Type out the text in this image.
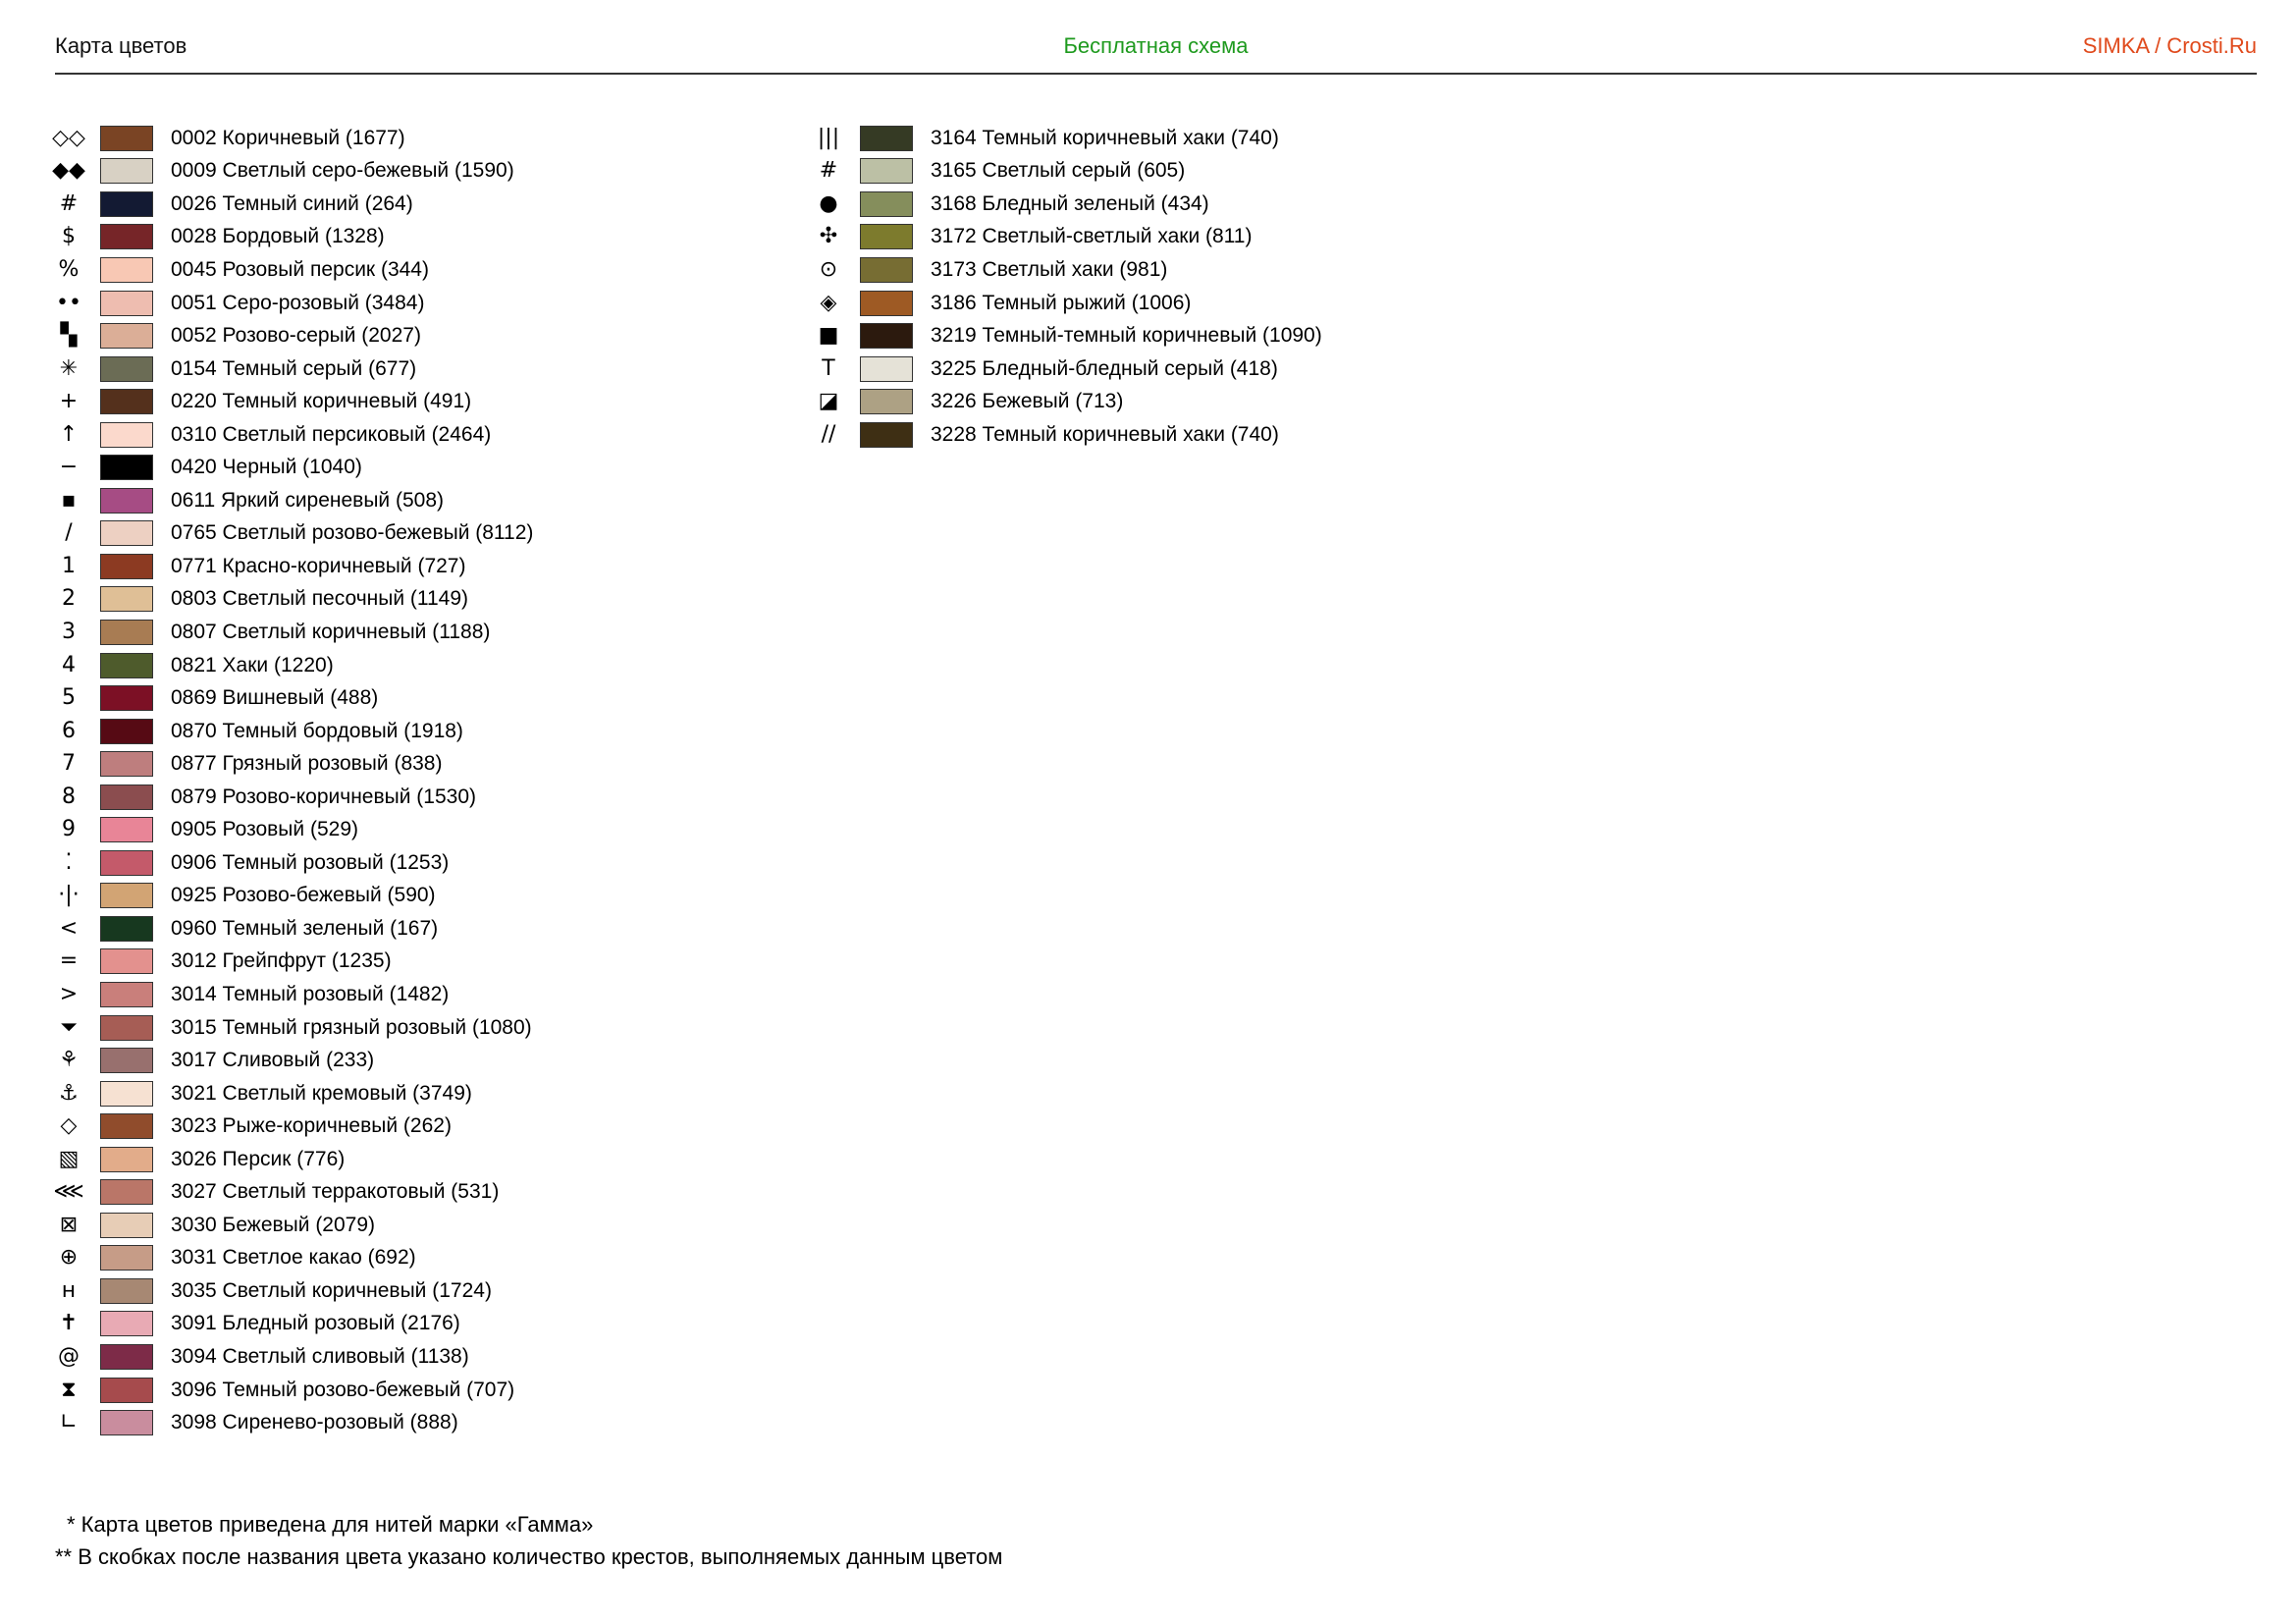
Карта цветов	Бесплатная схема	SIMKA / Crosti.Ru
◇◇	0002 Коричневый (1677)
◆◆	0009 Светлый серо-бежевый (1590)
#	0026 Темный синий (264)
$	0028 Бордовый (1328)
%	0045 Розовый персик (344)
••	0051 Серо-розовый (3484)
▚	0052 Розово-серый (2027)
✳	0154 Темный серый (677)
+	0220 Темный коричневый (491)
↑	0310 Светлый персиковый (2464)
−	0420 Черный (1040)
▪	0611 Яркий сиреневый (508)
/	0765 Светлый розово-бежевый (8112)
1	0771 Красно-коричневый (727)
2	0803 Светлый песочный (1149)
3	0807 Светлый коричневый (1188)
4	0821 Хаки (1220)
5	0869 Вишневый (488)
6	0870 Темный бордовый (1918)
7	0877 Грязный розовый (838)
8	0879 Розово-коричневый (1530)
9	0905 Розовый (529)
⁚	0906 Темный розовый (1253)
·|·	0925 Розово-бежевый (590)
<	0960 Темный зеленый (167)
=	3012 Грейпфрут (1235)
>	3014 Темный розовый (1482)
⏷	3015 Темный грязный розовый (1080)
⚘	3017 Сливовый (233)
⚓	3021 Светлый кремовый (3749)
◇	3023 Рыже-коричневый (262)
▧	3026 Персик (776)
⋘	3027 Светлый терракотовый (531)
⊠	3030 Бежевый (2079)
⊕	3031 Светлое какао (692)
ʜ	3035 Светлый коричневый (1724)
✝	3091 Бледный розовый (2176)
@	3094 Светлый сливовый (1138)
⧗	3096 Темный розово-бежевый (707)
∟	3098 Сиренево-розовый (888)
|||	3164 Темный коричневый хаки (740)
#	3165 Светлый серый (605)
●	3168 Бледный зеленый (434)
✣	3172 Светлый-светлый хаки (811)
⊙	3173 Светлый хаки (981)
◈	3186 Темный рыжий (1006)
■	3219 Темный-темный коричневый (1090)
T	3225 Бледный-бледный серый (418)
◪	3226 Бежевый (713)
//	3228 Темный коричневый хаки (740)
* Карта цветов приведена для нитей марки «Гамма»
** В скобках после названия цвета указано количество крестов, выполняемых данным цветом
